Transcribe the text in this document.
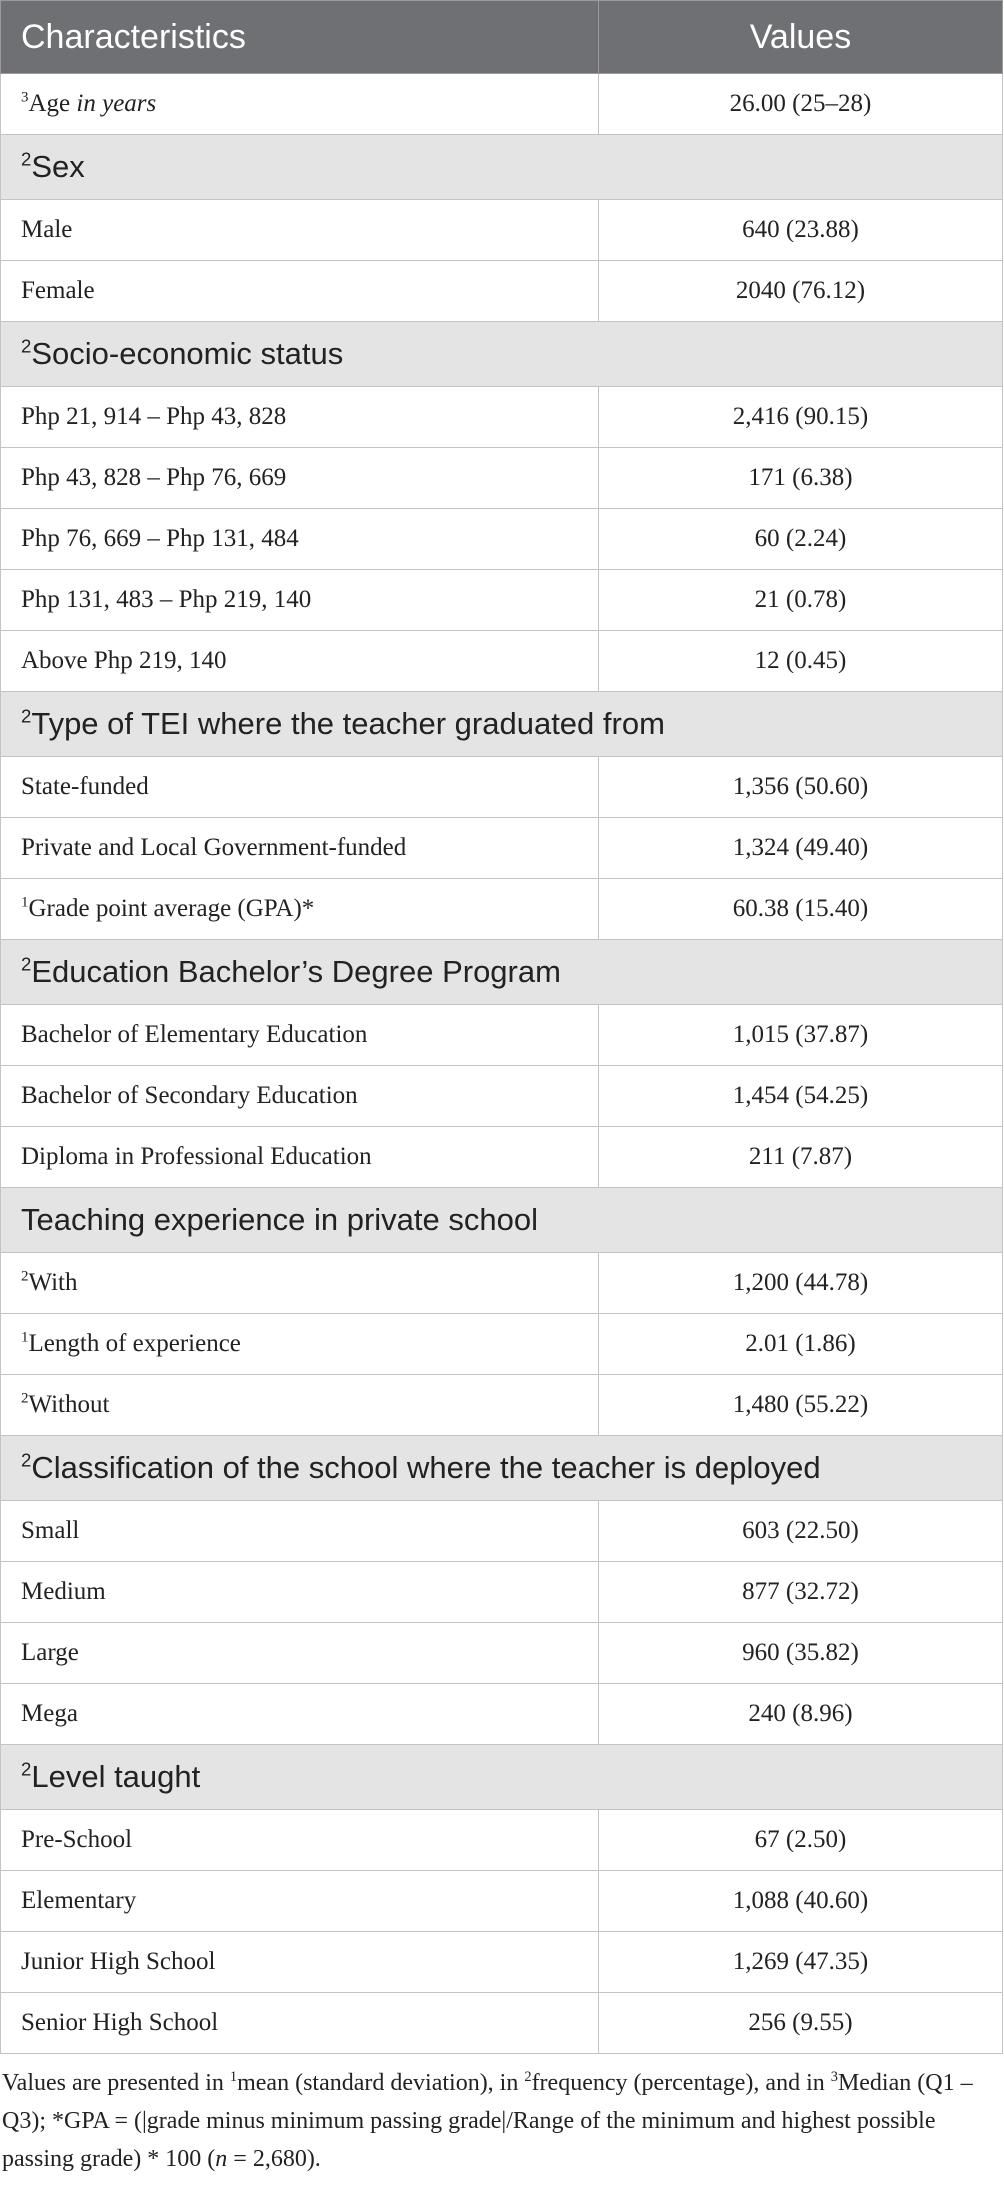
Characteristics	Values
$^3$Age in years	26.00 (25–28)
$^2$Sex	
Male	640 (23.88)
Female	2040 (76.12)
$^2$Socio-economic status	
Php 21, 914 – Php 43, 828	2,416 (90.15)
Php 43, 828 – Php 76, 669	171 (6.38)
Php 76, 669 – Php 131, 484	60 (2.24)
Php 131, 483 – Php 219, 140	21 (0.78)
Above Php 219, 140	12 (0.45)
$^2$Type of TEI where the teacher graduated from	
State-funded	1,356 (50.60)
Private and Local Government-funded	1,324 (49.40)
$^1$Grade point average (GPA)*	60.38 (15.40)
$^2$Education Bachelor’s Degree Program	
Bachelor of Elementary Education	1,015 (37.87)
Bachelor of Secondary Education	1,454 (54.25)
Diploma in Professional Education	211 (7.87)
Teaching experience in private school	
$^2$With	1,200 (44.78)
$^1$Length of experience	2.01 (1.86)
$^2$Without	1,480 (55.22)
$^2$Classification of the school where the teacher is deployed	
Small	603 (22.50)
Medium	877 (32.72)
Large	960 (35.82)
Mega	240 (8.96)
$^2$Level taught	
Pre-School	67 (2.50)
Elementary	1,088 (40.60)
Junior High School	1,269 (47.35)
Senior High School	256 (9.55)
Values are presented in $^1$mean (standard deviation), in $^2$frequency (percentage), and in $^3$Median (Q1 – Q3); *GPA = (|grade minus minimum passing grade|/Range of the minimum and highest possible passing grade) * 100 (n = 2,680).
